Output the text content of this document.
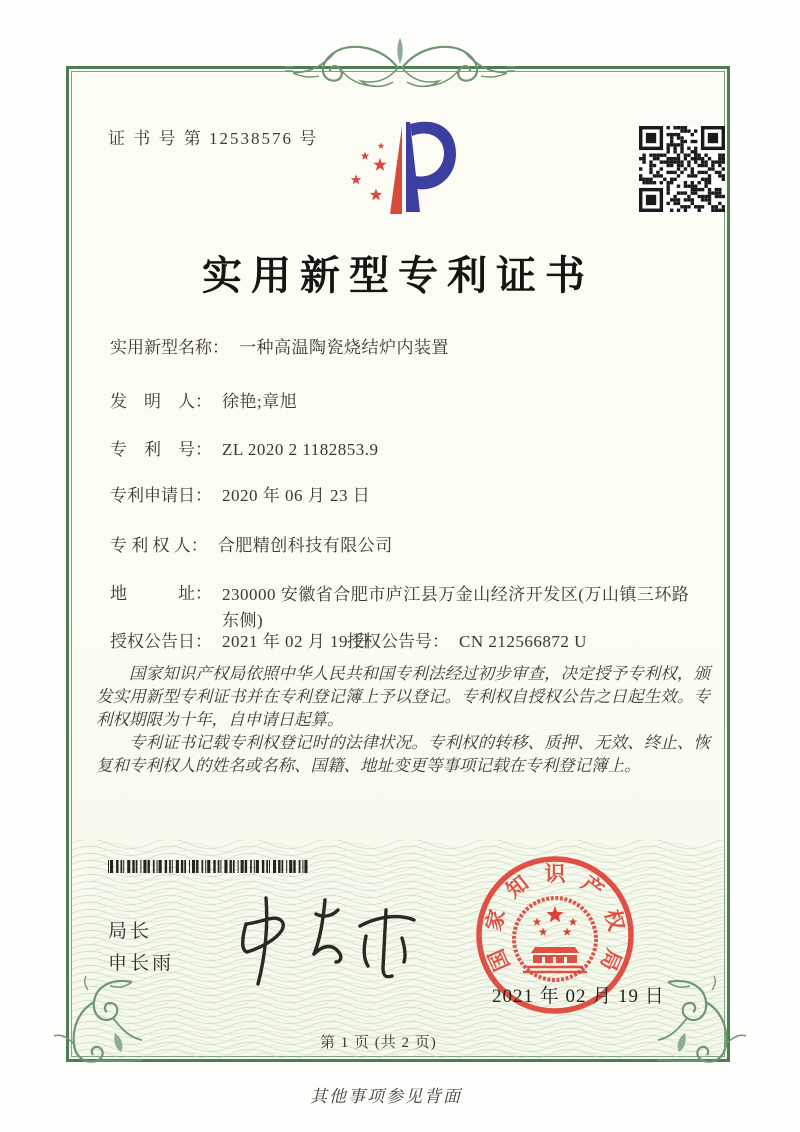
证 书 号 第 12538576 号
实用新型专利证书
实用新型名称： 一种高温陶瓷烧结炉内装置
发　明　人： 徐艳;章旭
专　利　号： ZL 2020 2 1182853.9
专利申请日： 2020 年 06 月 23 日
专 利 权 人： 合肥精创科技有限公司
地　　　址： 230000 安徽省合肥市庐江县万金山经济开发区(万山镇三环路东侧)
授权公告日： 2021 年 02 月 19 日
授权公告号： CN 212566872 U

国家知识产权局依照中华人民共和国专利法经过初步审查，决定授予专利权，颁发实用新型专利证书并在专利登记簿上予以登记。专利权自授权公告之日起生效。专利权期限为十年，自申请日起算。

专利证书记载专利权登记时的法律状况。专利权的转移、质押、无效、终止、恢复和专利权人的姓名或名称、国籍、地址变更等事项记载在专利登记簿上。

局长
申长雨	国
家
知 识 产
权
局
2021 年 02 月 19 日
第 1 页 (共 2 页)
其他事项参见背面
